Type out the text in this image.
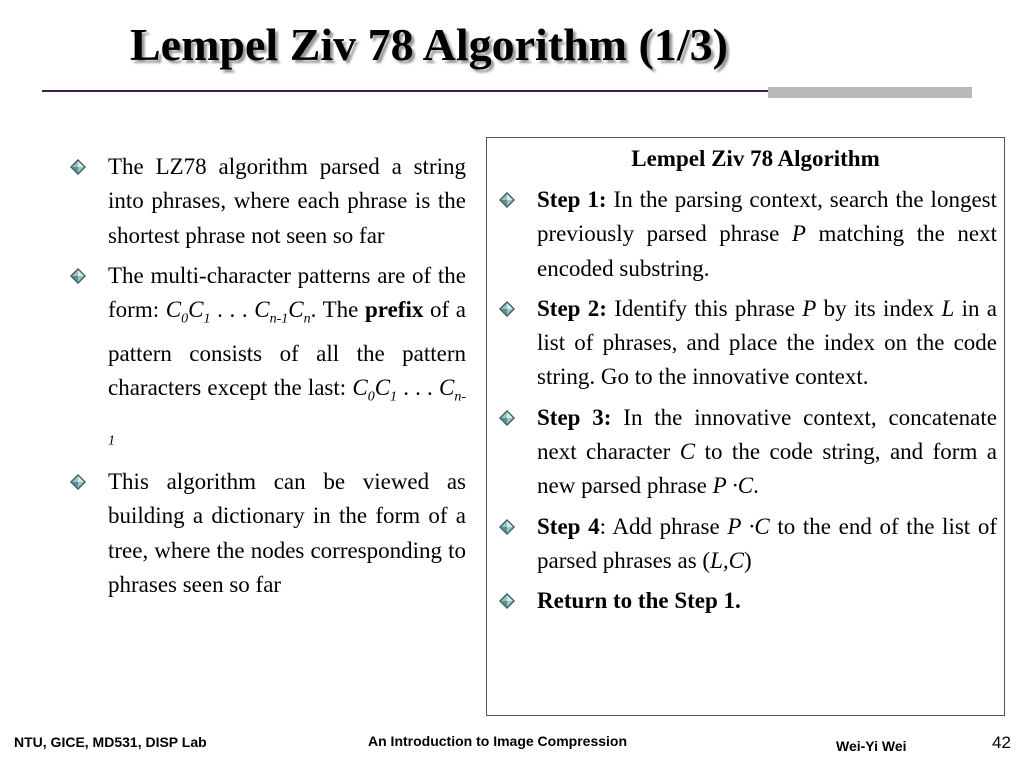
Lempel Ziv 78 Algorithm (1/3)
The LZ78 algorithm parsed a string into phrases, where each phrase is the shortest phrase not seen so far
The multi-character patterns are of the form: $C_0C_1$ . . . $C_{n-1}C_n$. The prefix of a pattern consists of all the pattern characters except the last: $C_0C_1$ . . . $C_{n-1}$
This algorithm can be viewed as building a dictionary in the form of a tree, where the nodes corresponding to phrases seen so far
Lempel Ziv 78 Algorithm
Step 1: In the parsing context, search the longest previously parsed phrase P matching the next encoded substring.
Step 2: Identify this phrase P by its index L in a list of phrases, and place the index on the code string. Go to the innovative context.
Step 3: In the innovative context, concatenate next character C to the code string, and form a new parsed phrase P ·C.
Step 4: Add phrase P ·C to the end of the list of parsed phrases as (L,C)
Return to the Step 1.
NTU, GICE, MD531, DISP Lab	An Introduction to Image Compression	Wei-Yi Wei	42
